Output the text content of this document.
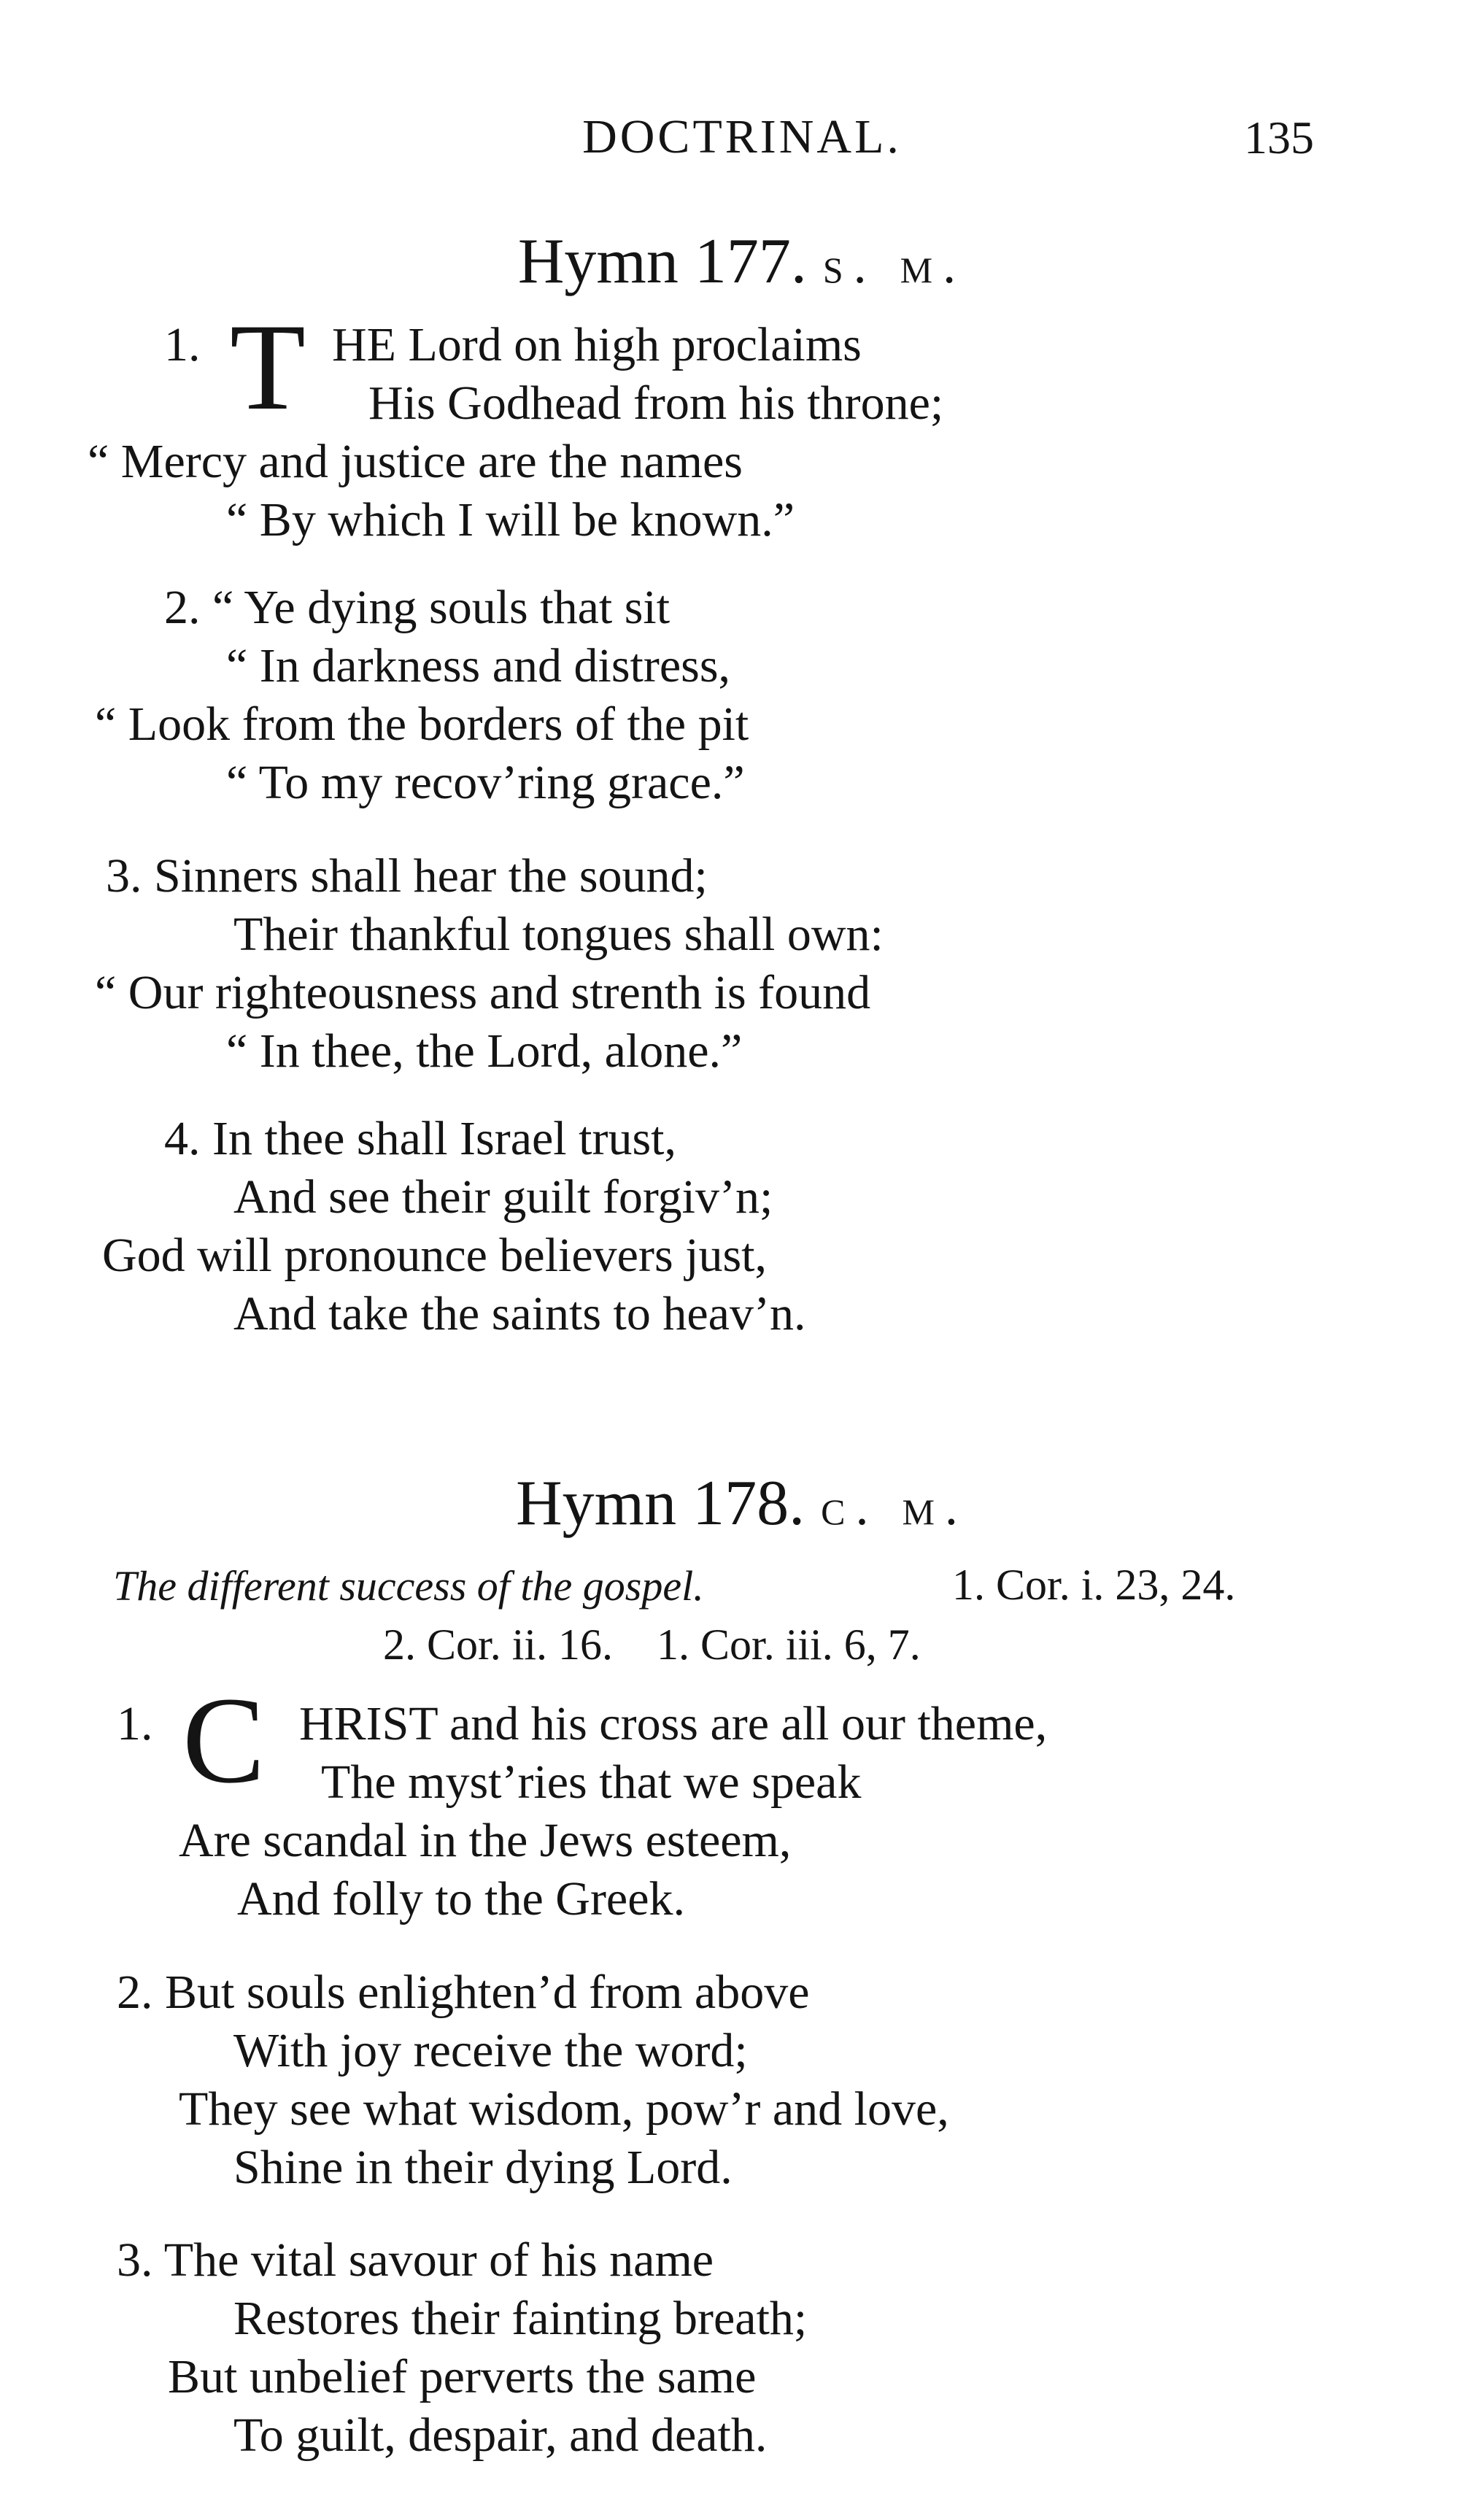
DOCTRINAL.	135
Hymn 177. s. m.
1. T HE Lord on high proclaims
His Godhead from his throne;
“ Mercy and justice are the names
“ By which I will be known.”
2. “ Ye dying souls that sit
“ In darkness and distress,
“ Look from the borders of the pit
“ To my recov’ring grace.”
3. Sinners shall hear the sound;
Their thankful tongues shall own:
“ Our righteousness and strenth is found
“ In thee, the Lord, alone.”
4. In thee shall Israel trust,
And see their guilt forgiv’n;
God will pronounce believers just,
And take the saints to heav’n.
Hymn 178. c. m.
The different success of the gospel.	1. Cor. i. 23, 24.
2. Cor. ii. 16.    1. Cor. iii. 6, 7.
1. C HRIST and his cross are all our theme,
The myst’ries that we speak
Are scandal in the Jews esteem,
And folly to the Greek.
2. But souls enlighten’d from above
With joy receive the word;
They see what wisdom, pow’r and love,
Shine in their dying Lord.
3. The vital savour of his name
Restores their fainting breath;
But unbelief perverts the same
To guilt, despair, and death.
